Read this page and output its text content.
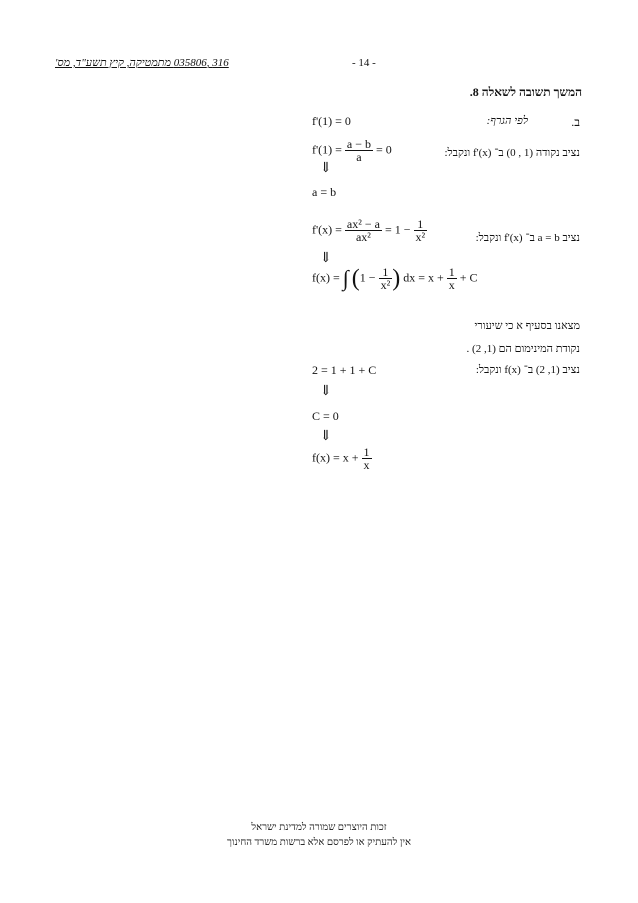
316 ,035806 מתמטיקה, קיץ תשע"ד, מס'	- 14 -
המשך תשובה לשאלה 8.
ב.
לפי הגרף:
f'(1) = 0
נציב נקודה (1 , 0) ב־ f'(x) ונקבל:
$f'(1) = \frac{a - b}{a} = 0$
⇓
a = b
נציב a = b ב־ f'(x) ונקבל:
$f'(x) = \frac{\text{ax² − a}}{\text{ax²}} = 1 - \frac{1}{\text{x²}}$
⇓
f(x) = ∫ ($1 - \frac{1}{\text{x²}}$ ) dx = $x + \frac{1}{x} + C$
מצאנו בסעיף א כי שיעורי
נקודת המינימום הם (1, 2) .
נציב (1, 2) ב־ f(x) ונקבל:
2 = 1 + 1 + C
⇓
C = 0
⇓
$f(x) = x + \frac{1}{x}$
זכות היוצרים שמורה למדינת ישראל
אין להעתיק או לפרסם אלא ברשות משרד החינוך
